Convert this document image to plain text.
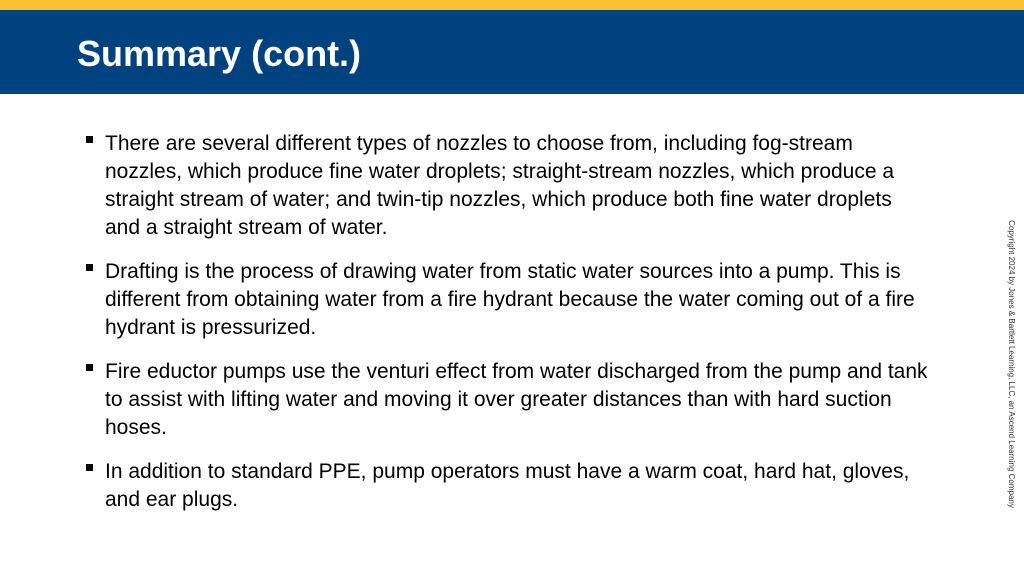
Summary (cont.)
There are several different types of nozzles to choose from, including fog-stream nozzles, which produce fine water droplets; straight-stream nozzles, which produce a straight stream of water; and twin-tip nozzles, which produce both fine water droplets and a straight stream of water.
Drafting is the process of drawing water from static water sources into a pump. This is different from obtaining water from a fire hydrant because the water coming out of a fire hydrant is pressurized.
Fire eductor pumps use the venturi effect from water discharged from the pump and tank to assist with lifting water and moving it over greater distances than with hard suction hoses.
In addition to standard PPE, pump operators must have a warm coat, hard hat, gloves, and ear plugs.	Copyright 2024 by Jones & Bartlett Learning, LLC, an Ascend Learning Company
